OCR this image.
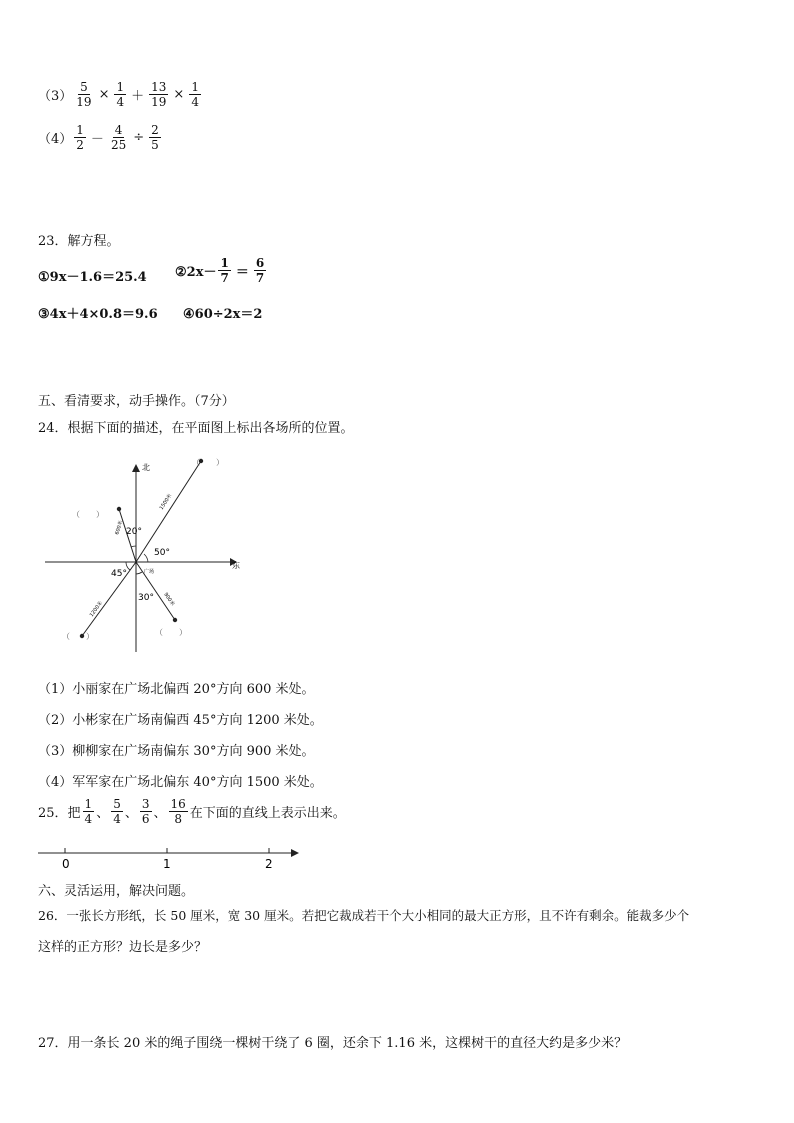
$(3) \frac{5}{19} \times \frac{1}{4} + \frac{13}{19} \times \frac{1}{4}$
$(4) \frac{1}{2} - \frac{4}{25} \div \frac{2}{5}$
23．解方程。
①9x－1.6＝25.4 ②2x－ $\frac{1}{7} = \frac{6}{7}$
③4x＋4×0.8＝9.6 ④60÷2x＝2
五、看清要求，动手操作。（7分）
24．根据下面的描述，在平面图上标出各场所的位置。
北
东
20°
50°
45°
30°
广场
1500米
600米
1200米
900米
（　　）
（　　）
（　　）	（　　）
（1）小丽家在广场北偏西 20°方向 600 米处。
（2）小彬家在广场南偏西 45°方向 1200 米处。
（3）柳柳家在广场南偏东 30°方向 900 米处。
（4）军军家在广场北偏东 40°方向 1500 米处。
25．把 $\frac{1}{4}$ 、 $\frac{5}{4}$ 、 $\frac{3}{6}$ 、 $\frac{16}{8}$ 在下面的直线上表示出来。
0	1	2
六、灵活运用，解决问题。
26．一张长方形纸，长 50 厘米，宽 30 厘米。若把它裁成若干个大小相同的最大正方形，且不许有剩余。能裁多少个
这样的正方形？边长是多少？
27．用一条长 20 米的绳子围绕一棵树干绕了 6 圈，还余下 1.16 米，这棵树干的直径大约是多少米？
